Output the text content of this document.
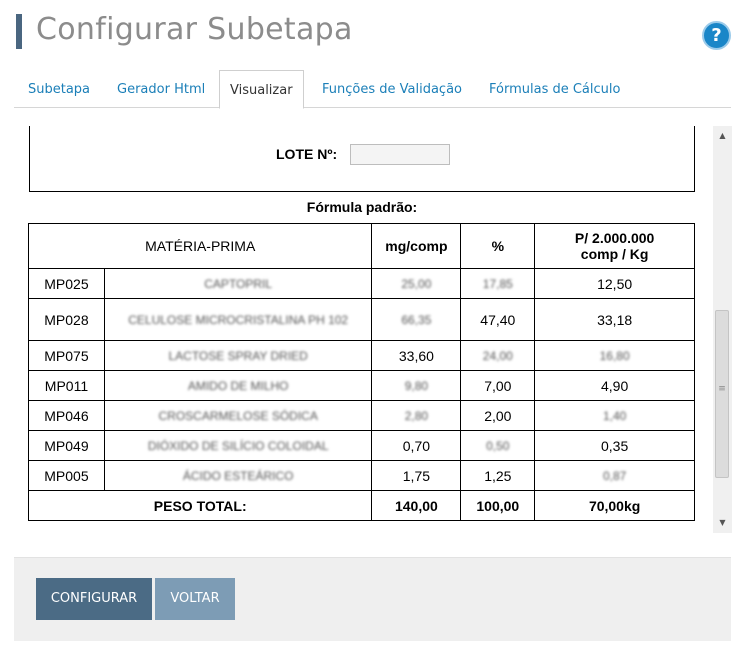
Configurar Subetapa	?
Subetapa Gerador Html	Visualizar	Funções de Validação Fórmulas de Cálculo
LOTE Nº:
Fórmula padrão:
MATÉRIA-PRIMA		mg/comp	%	P/ 2.000.000
comp / Kg
MP025	CAPTOPRIL	25,00	17,85	12,50
MP028	CELULOSE MICROCRISTALINA PH 102	66,35	47,40	33,18
MP075	LACTOSE SPRAY DRIED	33,60	24,00	16,80
MP011	AMIDO DE MILHO	9,80	7,00	4,90
MP046	CROSCARMELOSE SÓDICA	2,80	2,00	1,40
MP049	DIÓXIDO DE SILÍCIO COLOIDAL	0,70	0,50	0,35
MP005	ÁCIDO ESTEÁRICO	1,75	1,25	0,87
PESO TOTAL:		140,00	100,00	70,00kg
▲
≡
▼
CONFIGURAR	VOLTAR
